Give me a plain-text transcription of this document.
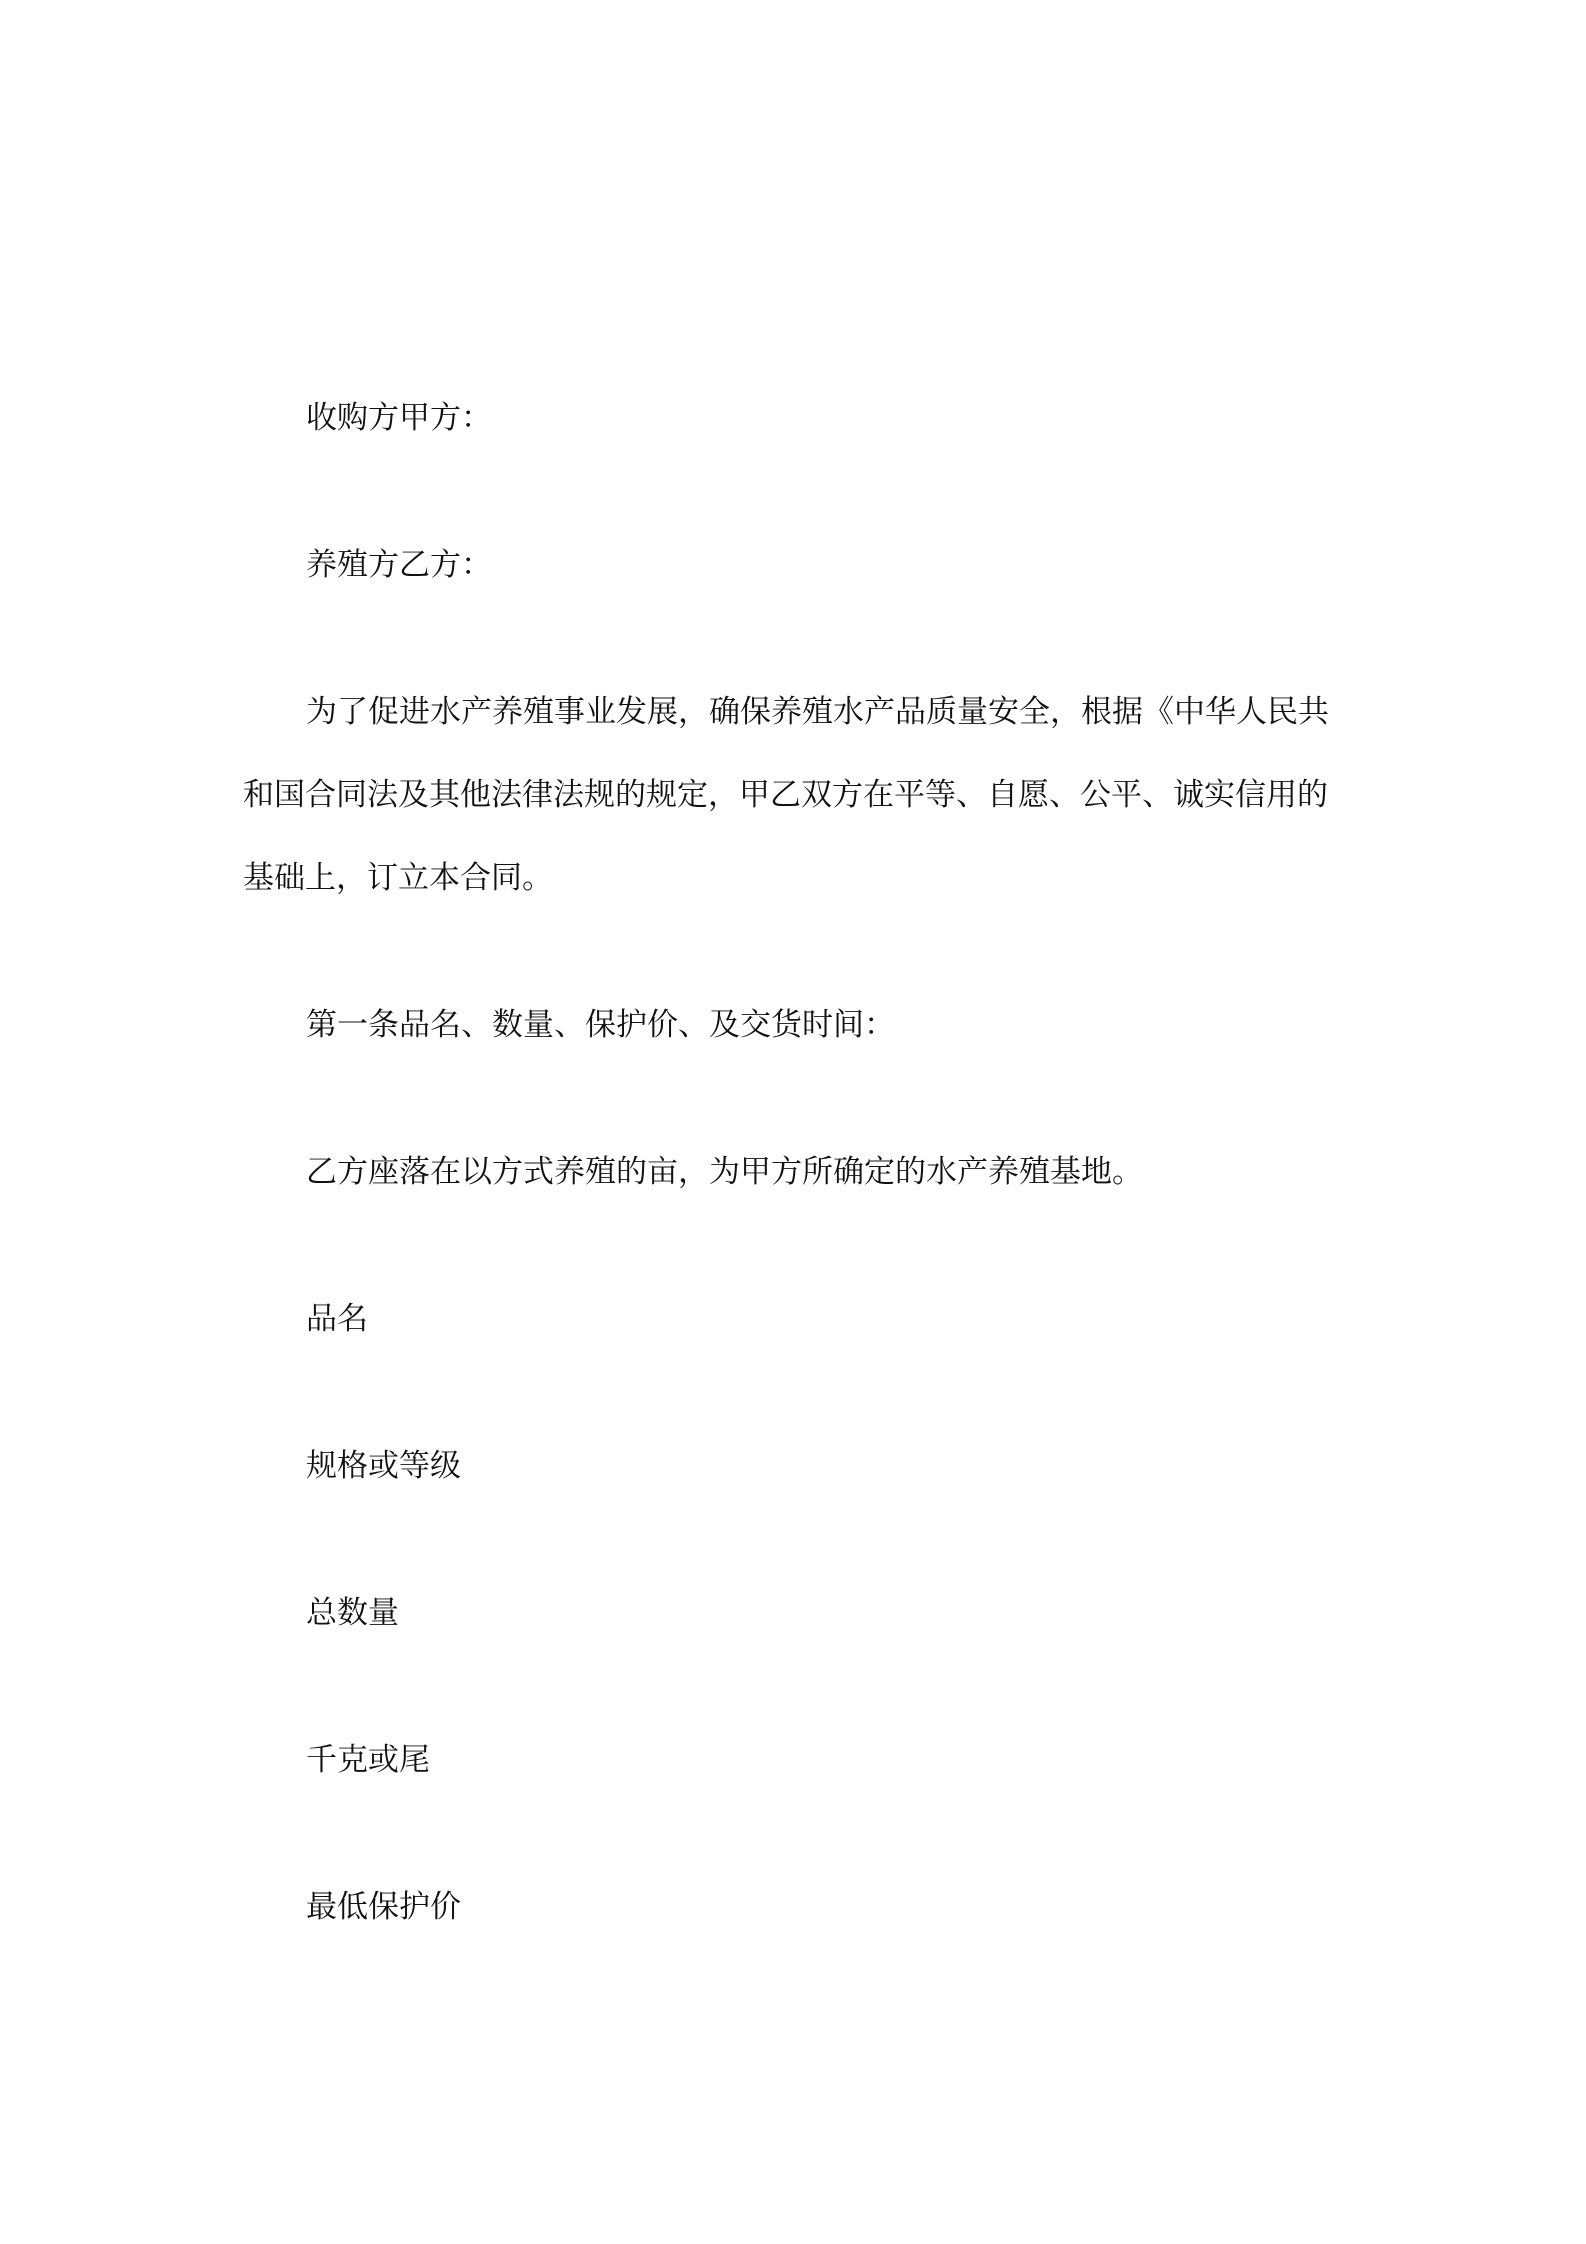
收购方甲方：
养殖方乙方：
为了促进水产养殖事业发展，确保养殖水产品质量安全，根据《中华人民共
和国合同法及其他法律法规的规定，甲乙双方在平等、自愿、公平、诚实信用的
基础上，订立本合同。
第一条品名、数量、保护价、及交货时间：
乙方座落在以方式养殖的亩，为甲方所确定的水产养殖基地。
品名
规格或等级
总数量
千克或尾
最低保护价
